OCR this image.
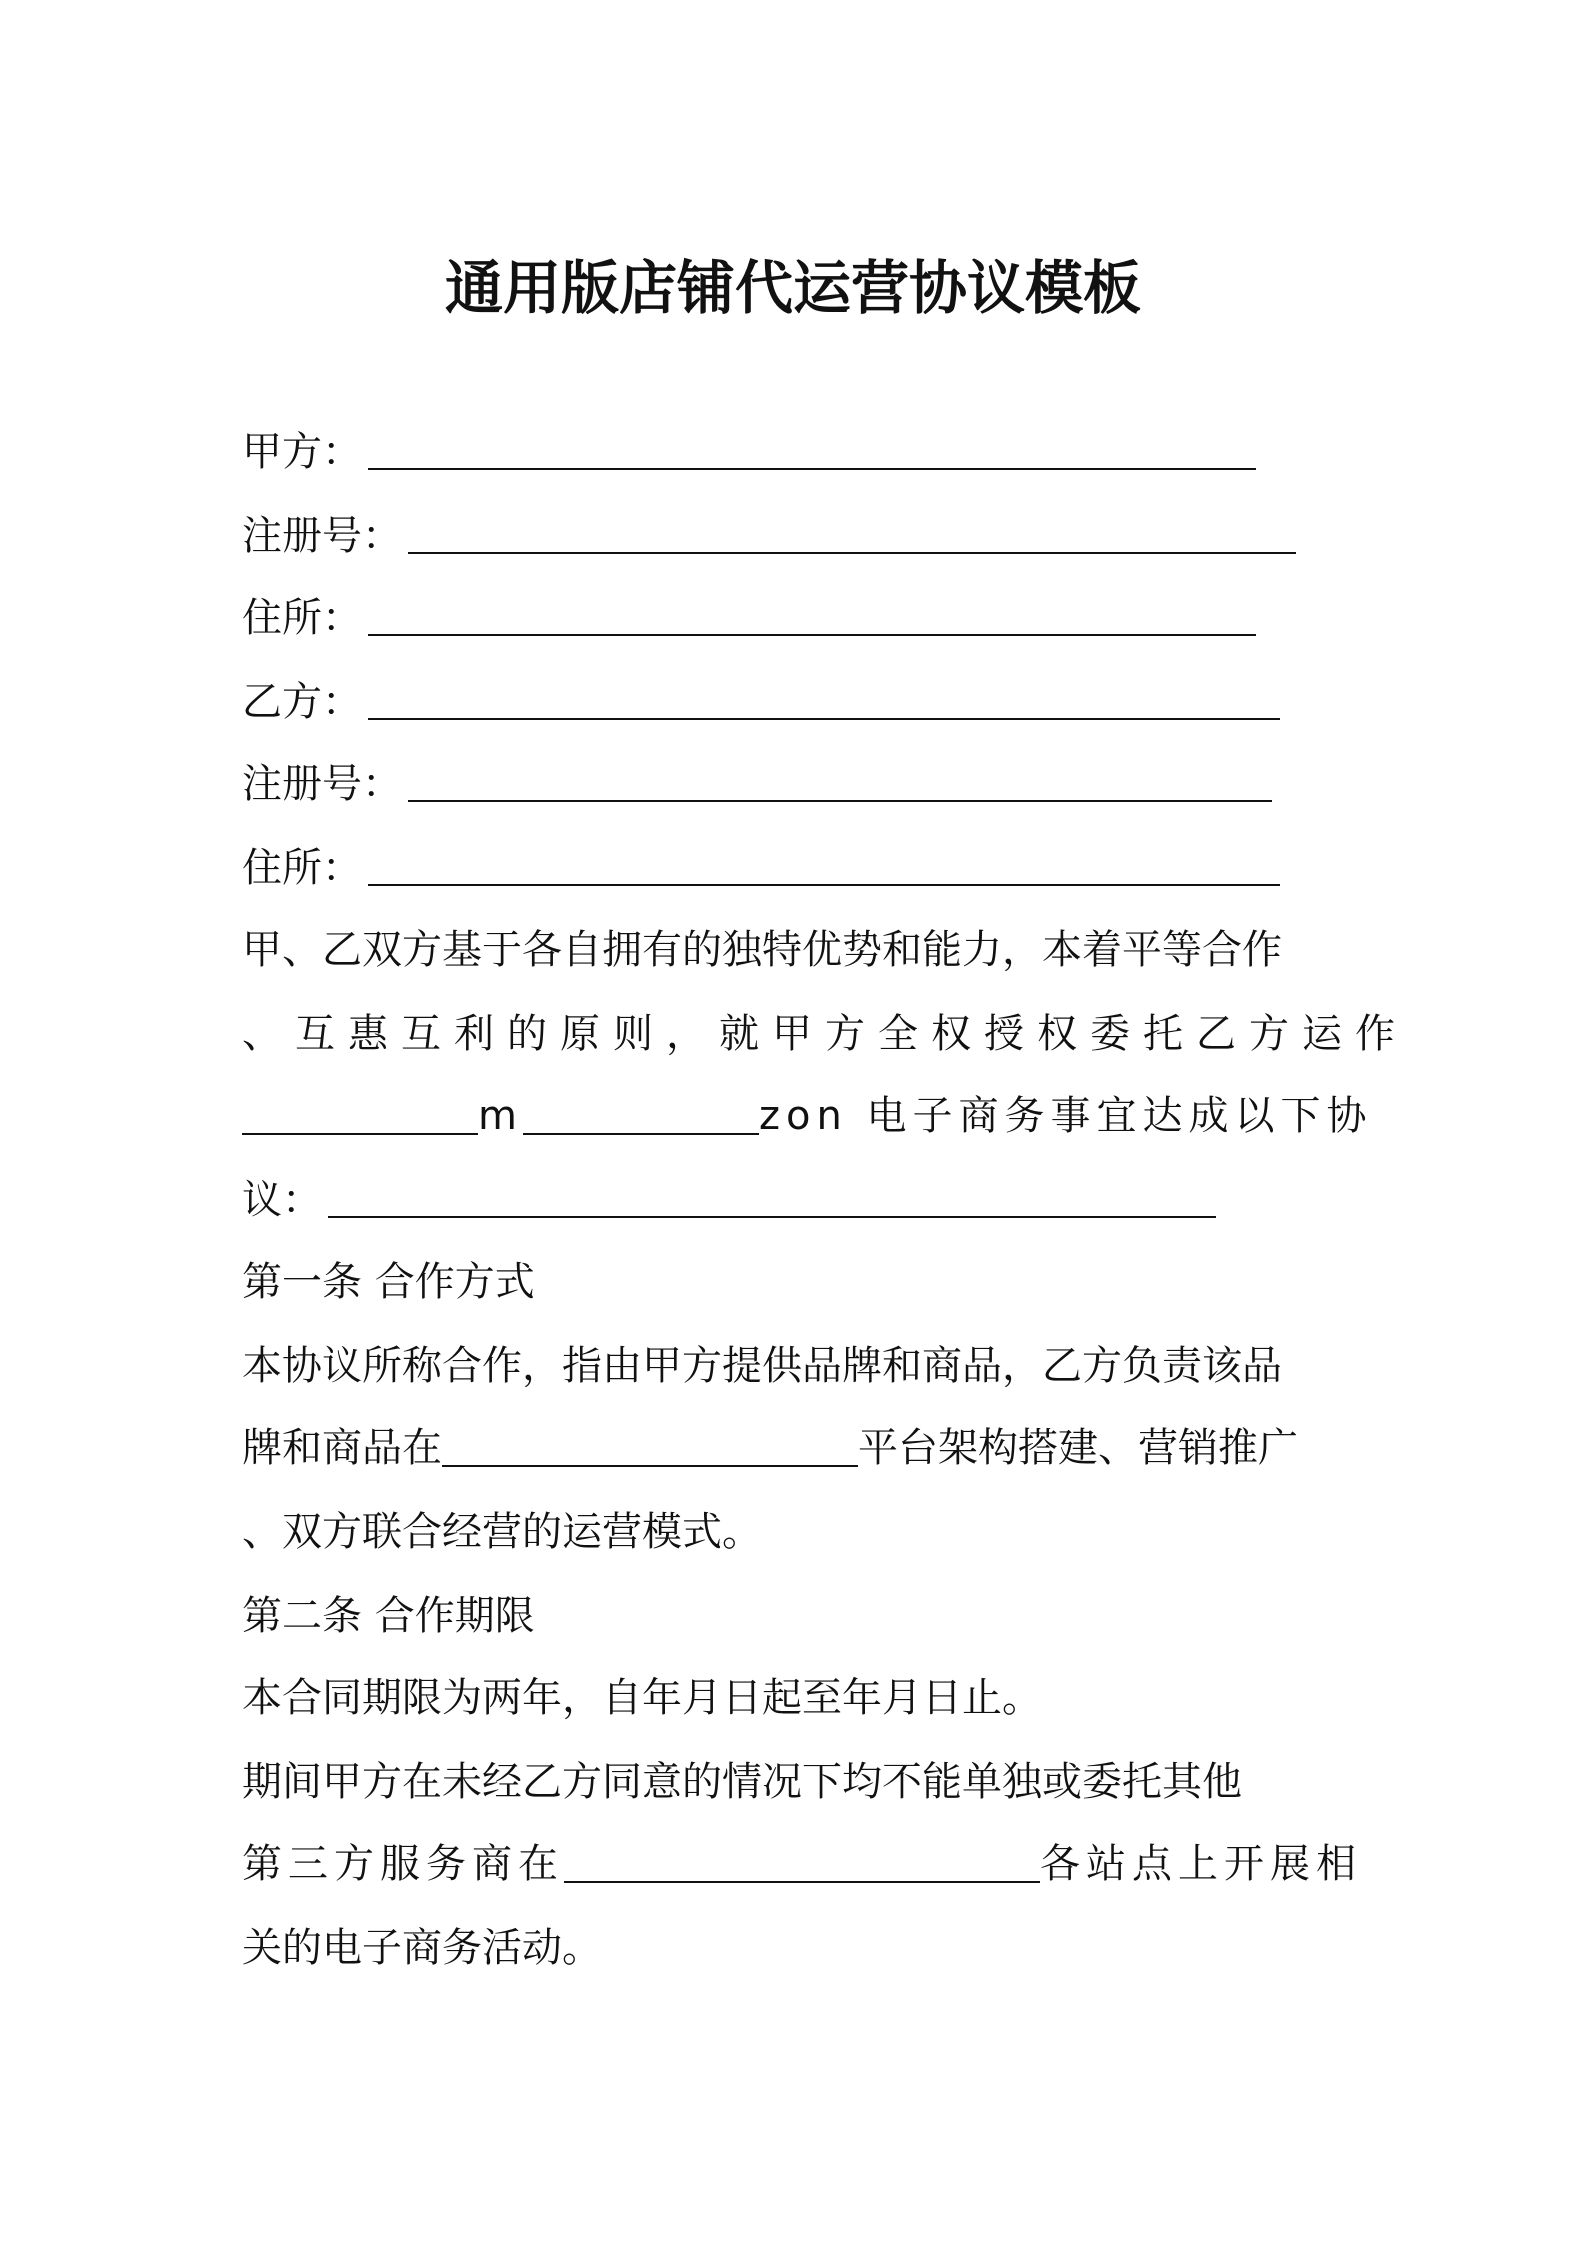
通用版店铺代运营协议模板
甲方：
注册号：
住所：
乙方：
注册号：
住所：
甲、乙双方基于各自拥有的独特优势和能力，本着平等合作
、互惠互利的原则，就甲方全权授权委托乙方运作
m	zon 电子商务事宜达成以下协
议：
第一条 合作方式
本协议所称合作，指由甲方提供品牌和商品，乙方负责该品
牌和商品在	平台架构搭建、营销推广
、双方联合经营的运营模式。
第二条 合作期限
本合同期限为两年，自年月日起至年月日止。
期间甲方在未经乙方同意的情况下均不能单独或委托其他
第三方服务商在	各站点上开展相
关的电子商务活动。
